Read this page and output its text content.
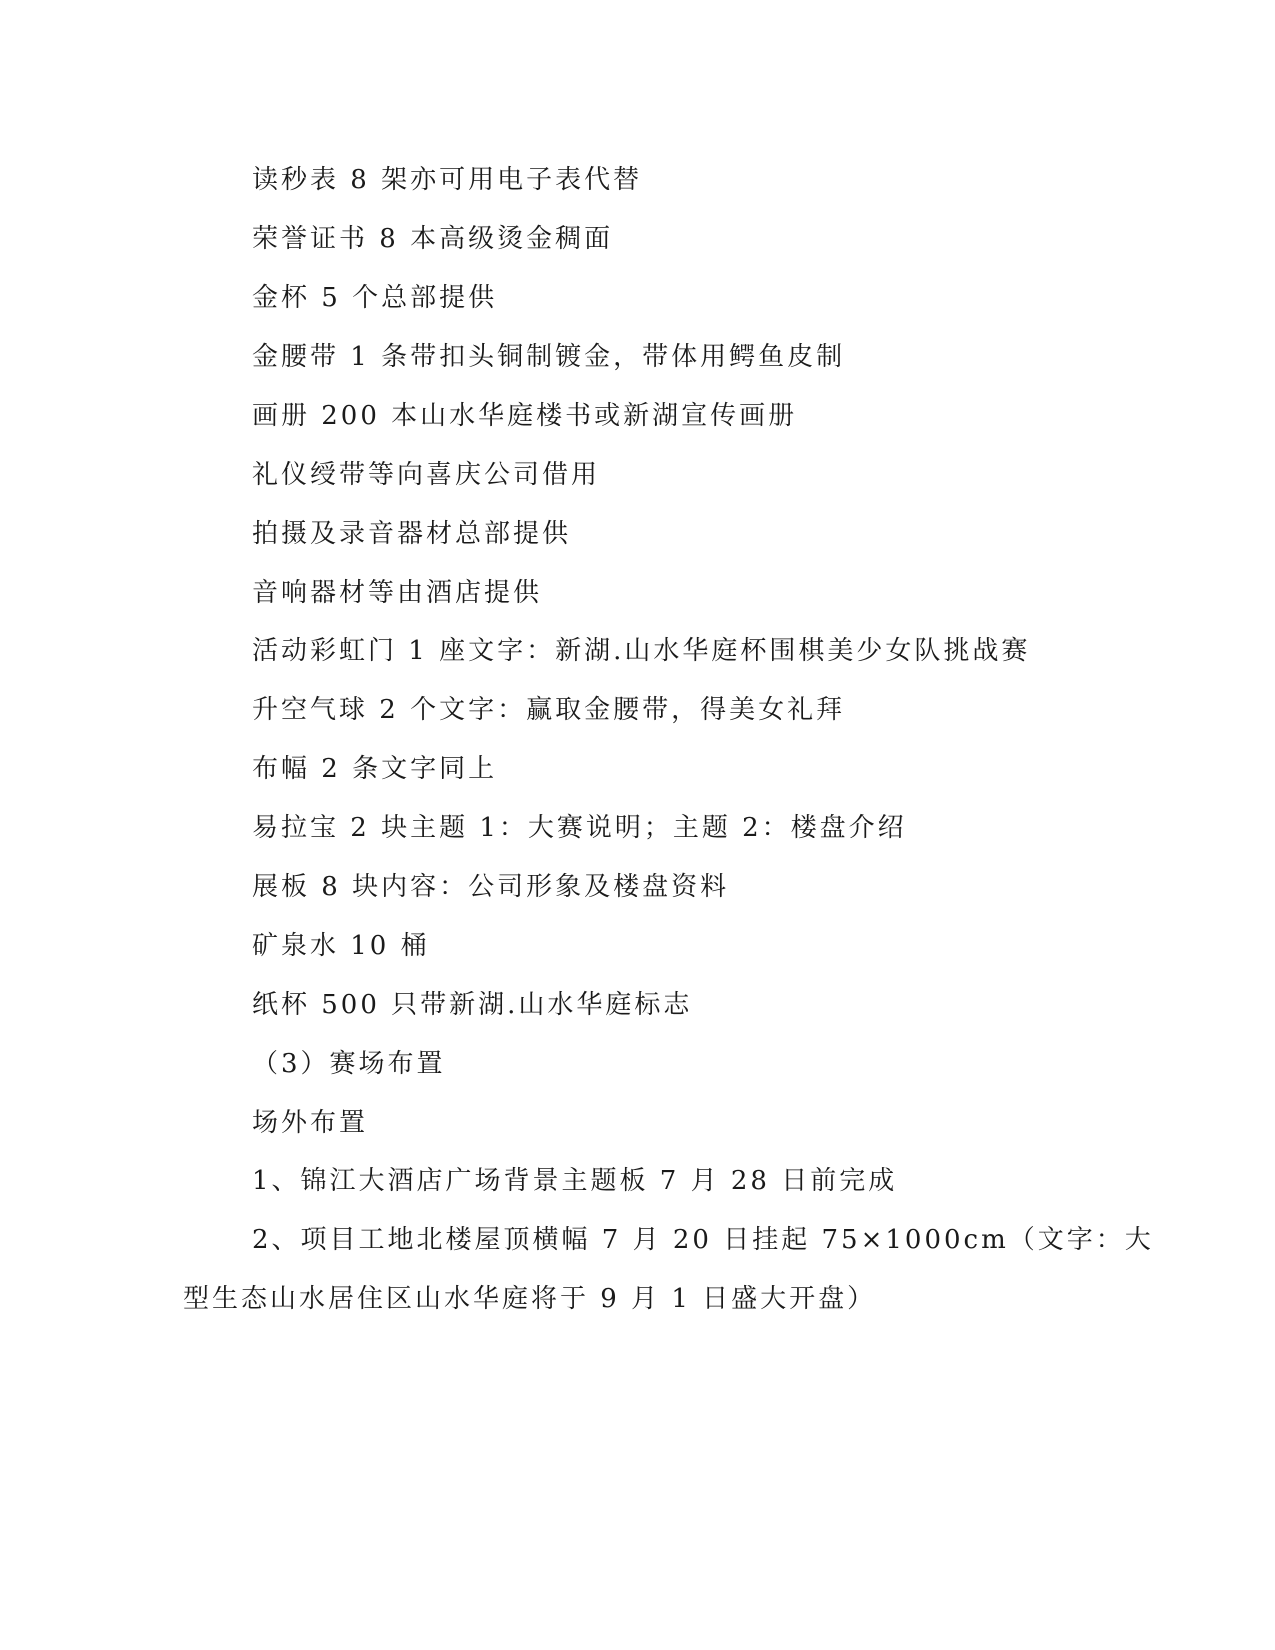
读秒表 8 架亦可用电子表代替
荣誉证书 8 本高级烫金稠面
金杯 5 个总部提供
金腰带 1 条带扣头铜制镀金，带体用鳄鱼皮制
画册 200 本山水华庭楼书或新湖宣传画册
礼仪绶带等向喜庆公司借用
拍摄及录音器材总部提供
音响器材等由酒店提供
活动彩虹门 1 座文字：新湖.山水华庭杯围棋美少女队挑战赛
升空气球 2 个文字：赢取金腰带，得美女礼拜
布幅 2 条文字同上
易拉宝 2 块主题 1：大赛说明；主题 2：楼盘介绍
展板 8 块内容：公司形象及楼盘资料
矿泉水 10 桶
纸杯 500 只带新湖.山水华庭标志
（3）赛场布置
场外布置
1、锦江大酒店广场背景主题板 7 月 28 日前完成
2、项目工地北楼屋顶横幅 7 月 20 日挂起 75×1000cm（文字：大
型生态山水居住区山水华庭将于 9 月 1 日盛大开盘）
